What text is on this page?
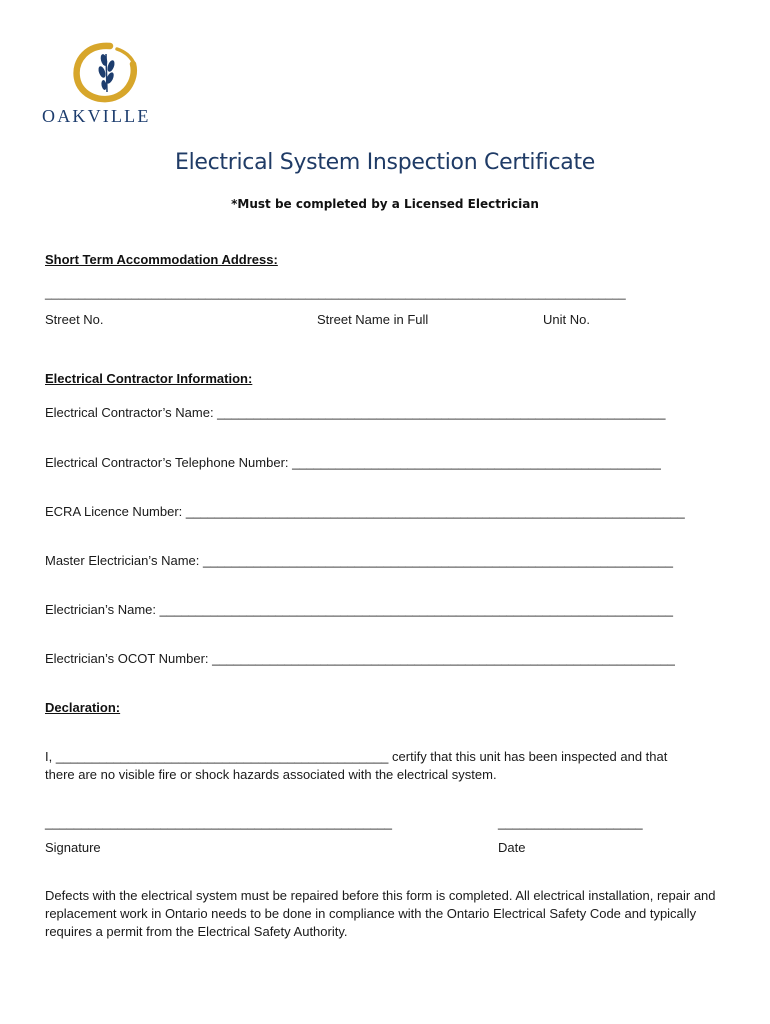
OAKVILLE
Electrical System Inspection Certificate
*Must be completed by a Licensed Electrician
Short Term Accommodation Address:
_______________________________________________________________________________________
Street No.	Street Name in Full	Unit No.
Electrical Contractor Information:
Electrical Contractor’s Name: ______________________________________________________________
Electrical Contractor’s Telephone Number: ___________________________________________________
ECRA Licence Number: _____________________________________________________________________
Master Electrician’s Name: _________________________________________________________________
Electrician’s Name: _______________________________________________________________________
Electrician’s OCOT Number: ________________________________________________________________
Declaration:
I, ______________________________________________ certify that this unit has been inspected and that
there are no visible fire or shock hazards associated with the electrical system.
________________________________________________	____________________
Signature	Date
Defects with the electrical system must be repaired before this form is completed. All electrical installation, repair and replacement work in Ontario needs to be done in compliance with the Ontario Electrical Safety Code and typically requires a permit from the Electrical Safety Authority.
